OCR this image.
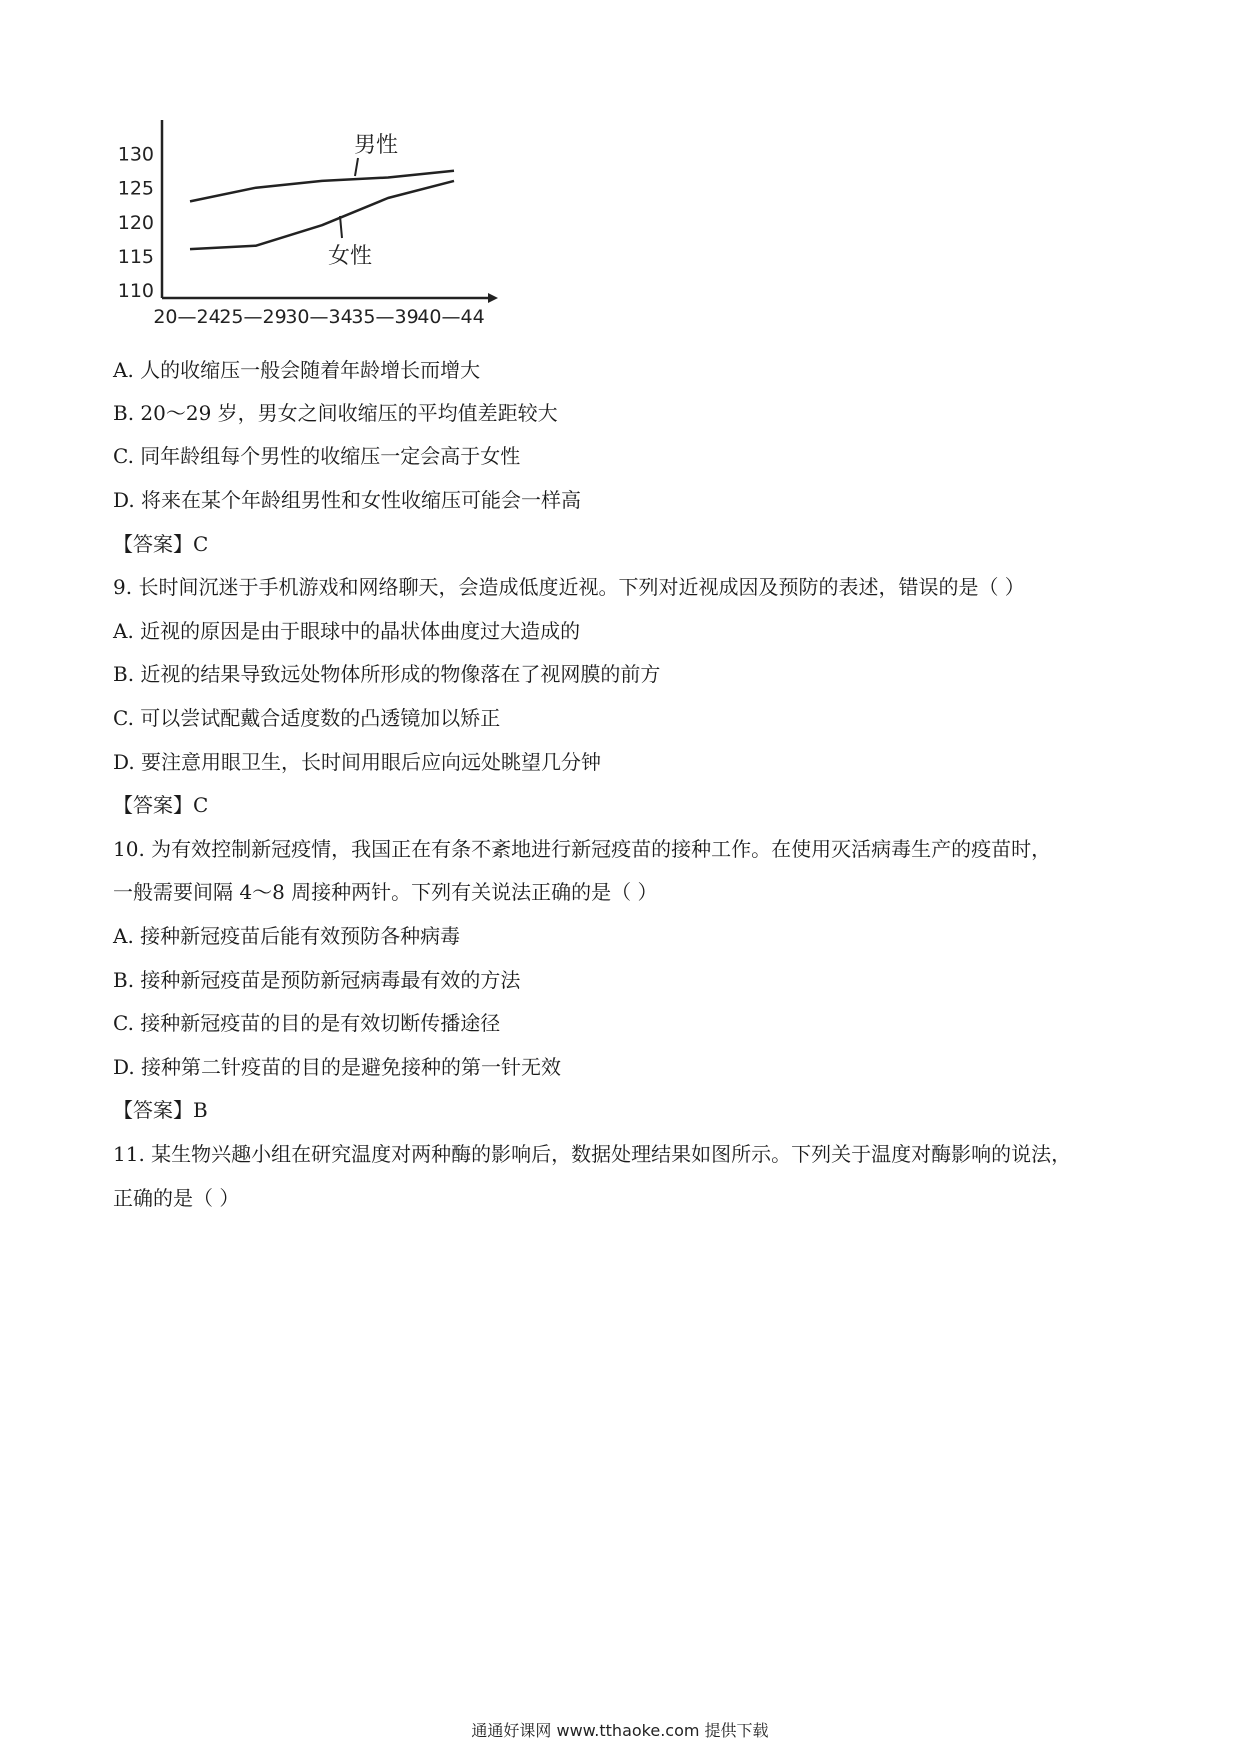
130
125
120
115
110
20—24
25—29
30—34
35—39
40—44
男性
女性
A. 人的收缩压一般会随着年龄增长而增大
B. 20～29 岁，男女之间收缩压的平均值差距较大
C. 同年龄组每个男性的收缩压一定会高于女性
D. 将来在某个年龄组男性和女性收缩压可能会一样高
【答案】C
9. 长时间沉迷于手机游戏和网络聊天，会造成低度近视。下列对近视成因及预防的表述，错误的是（ ）
A. 近视的原因是由于眼球中的晶状体曲度过大造成的
B. 近视的结果导致远处物体所形成的物像落在了视网膜的前方
C. 可以尝试配戴合适度数的凸透镜加以矫正
D. 要注意用眼卫生，长时间用眼后应向远处眺望几分钟
【答案】C
10. 为有效控制新冠疫情，我国正在有条不紊地进行新冠疫苗的接种工作。在使用灭活病毒生产的疫苗时，
一般需要间隔 4～8 周接种两针。下列有关说法正确的是（ ）
A. 接种新冠疫苗后能有效预防各种病毒
B. 接种新冠疫苗是预防新冠病毒最有效的方法
C. 接种新冠疫苗的目的是有效切断传播途径
D. 接种第二针疫苗的目的是避免接种的第一针无效
【答案】B
11. 某生物兴趣小组在研究温度对两种酶的影响后，数据处理结果如图所示。下列关于温度对酶影响的说法，
正确的是（ ）
通通好课网 www.tthaoke.com 提供下载
